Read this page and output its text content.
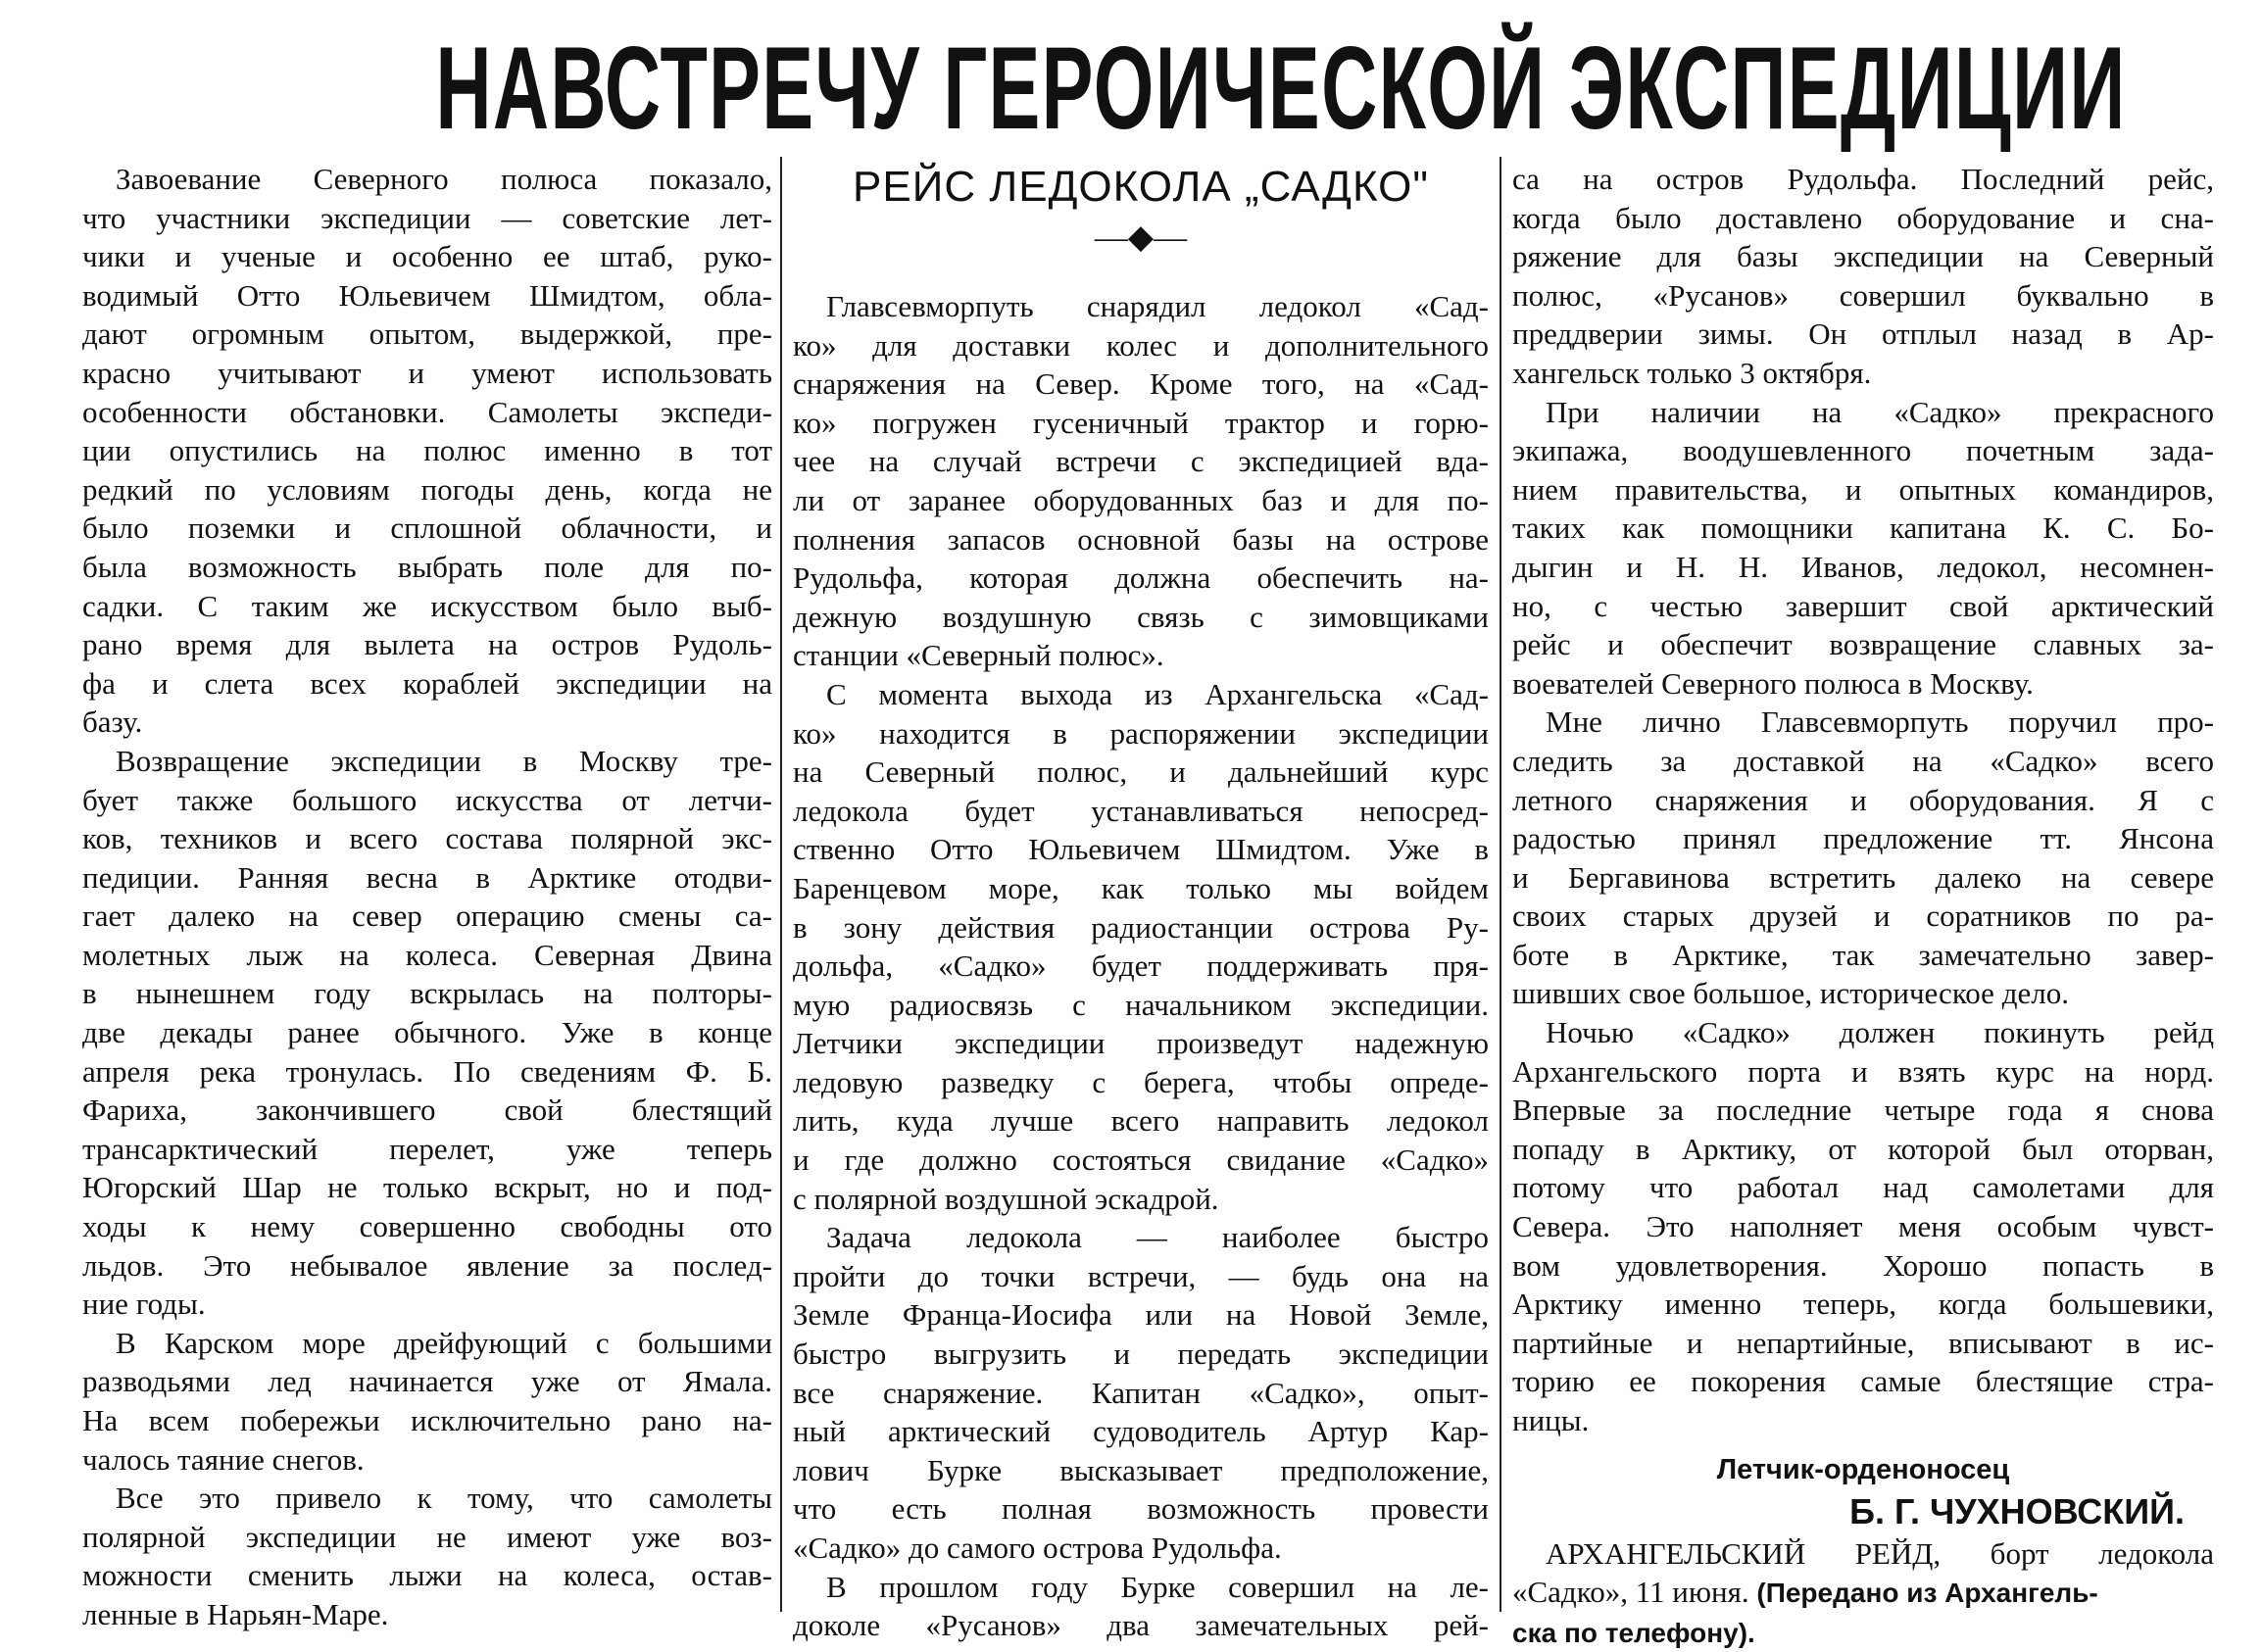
НАВСТРЕЧУ ГЕРОИЧЕСКОЙ ЭКСПЕДИЦИИ
Завоевание Северного полюса показало,
что участники экспедиции — советские лет-
чики и ученые и особенно ее штаб, руко-
водимый Отто Юльевичем Шмидтом, обла-
дают огромным опытом, выдержкой, пре-
красно учитывают и умеют использовать
особенности обстановки. Самолеты экспеди-
ции опустились на полюс именно в тот
редкий по условиям погоды день, когда не
было поземки и сплошной облачности, и
была возможность выбрать поле для по-
садки. С таким же искусством было выб-
рано время для вылета на остров Рудоль-
фа и слета всех кораблей экспедиции на
базу.
Возвращение экспедиции в Москву тре-
бует также большого искусства от летчи-
ков, техников и всего состава полярной экс-
педиции. Ранняя весна в Арктике отодви-
гает далеко на север операцию смены са-
молетных лыж на колеса. Северная Двина
в нынешнем году вскрылась на полторы-
две декады ранее обычного. Уже в конце
апреля река тронулась. По сведениям Ф. Б.
Фариха, закончившего свой блестящий
трансарктический перелет, уже теперь
Югорский Шар не только вскрыт, но и под-
ходы к нему совершенно свободны ото
льдов. Это небывалое явление за послед-
ние годы.
В Карском море дрейфующий с большими
разводьями лед начинается уже от Ямала.
На всем побережьи исключительно рано на-
чалось таяние снегов.
Все это привело к тому, что самолеты
полярной экспедиции не имеют уже воз-
можности сменить лыжи на колеса, остав-
ленные в Нарьян-Маре.
РЕЙС ЛЕДОКОЛА „САДКО"
—◆—
Главсевморпуть снарядил ледокол «Сад-
ко» для доставки колес и дополнительного
снаряжения на Север. Кроме того, на «Сад-
ко» погружен гусеничный трактор и горю-
чее на случай встречи с экспедицией вда-
ли от заранее оборудованных баз и для по-
полнения запасов основной базы на острове
Рудольфа, которая должна обеспечить на-
дежную воздушную связь с зимовщиками
станции «Северный полюс».
С момента выхода из Архангельска «Сад-
ко» находится в распоряжении экспедиции
на Северный полюс, и дальнейший курс
ледокола будет устанавливаться непосред-
ственно Отто Юльевичем Шмидтом. Уже в
Баренцевом море, как только мы войдем
в зону действия радиостанции острова Ру-
дольфа, «Садко» будет поддерживать пря-
мую радиосвязь с начальником экспедиции.
Летчики экспедиции произведут надежную
ледовую разведку с берега, чтобы опреде-
лить, куда лучше всего направить ледокол
и где должно состояться свидание «Садко»
с полярной воздушной эскадрой.
Задача ледокола — наиболее быстро
пройти до точки встречи, — будь она на
Земле Франца-Иосифа или на Новой Земле,
быстро выгрузить и передать экспедиции
все снаряжение. Капитан «Садко», опыт-
ный арктический судоводитель Артур Кар-
лович Бурке высказывает предположение,
что есть полная возможность провести
«Садко» до самого острова Рудольфа.
В прошлом году Бурке совершил на ле-
доколе «Русанов» два замечательных рей-
са на остров Рудольфа. Последний рейс,
когда было доставлено оборудование и сна-
ряжение для базы экспедиции на Северный
полюс, «Русанов» совершил буквально в
преддверии зимы. Он отплыл назад в Ар-
хангельск только 3 октября.
При наличии на «Садко» прекрасного
экипажа, воодушевленного почетным зада-
нием правительства, и опытных командиров,
таких как помощники капитана К. С. Бо-
дыгин и Н. Н. Иванов, ледокол, несомнен-
но, с честью завершит свой арктический
рейс и обеспечит возвращение славных за-
воевателей Северного полюса в Москву.
Мне лично Главсевморпуть поручил про-
следить за доставкой на «Садко» всего
летного снаряжения и оборудования. Я с
радостью принял предложение тт. Янсона
и Бергавинова встретить далеко на севере
своих старых друзей и соратников по ра-
боте в Арктике, так замечательно завер-
шивших свое большое, историческое дело.
Ночью «Садко» должен покинуть рейд
Архангельского порта и взять курс на норд.
Впервые за последние четыре года я снова
попаду в Арктику, от которой был оторван,
потому что работал над самолетами для
Севера. Это наполняет меня особым чувст-
вом удовлетворения. Хорошо попасть в
Арктику именно теперь, когда большевики,
партийные и непартийные, вписывают в ис-
торию ее покорения самые блестящие стра-
ницы.
Летчик-орденоносец
Б. Г. ЧУХНОВСКИЙ.
АРХАНГЕЛЬСКИЙ РЕЙД, борт ледокола
«Садко», 11 июня. (Передано из Архангель-
ска по телефону).
